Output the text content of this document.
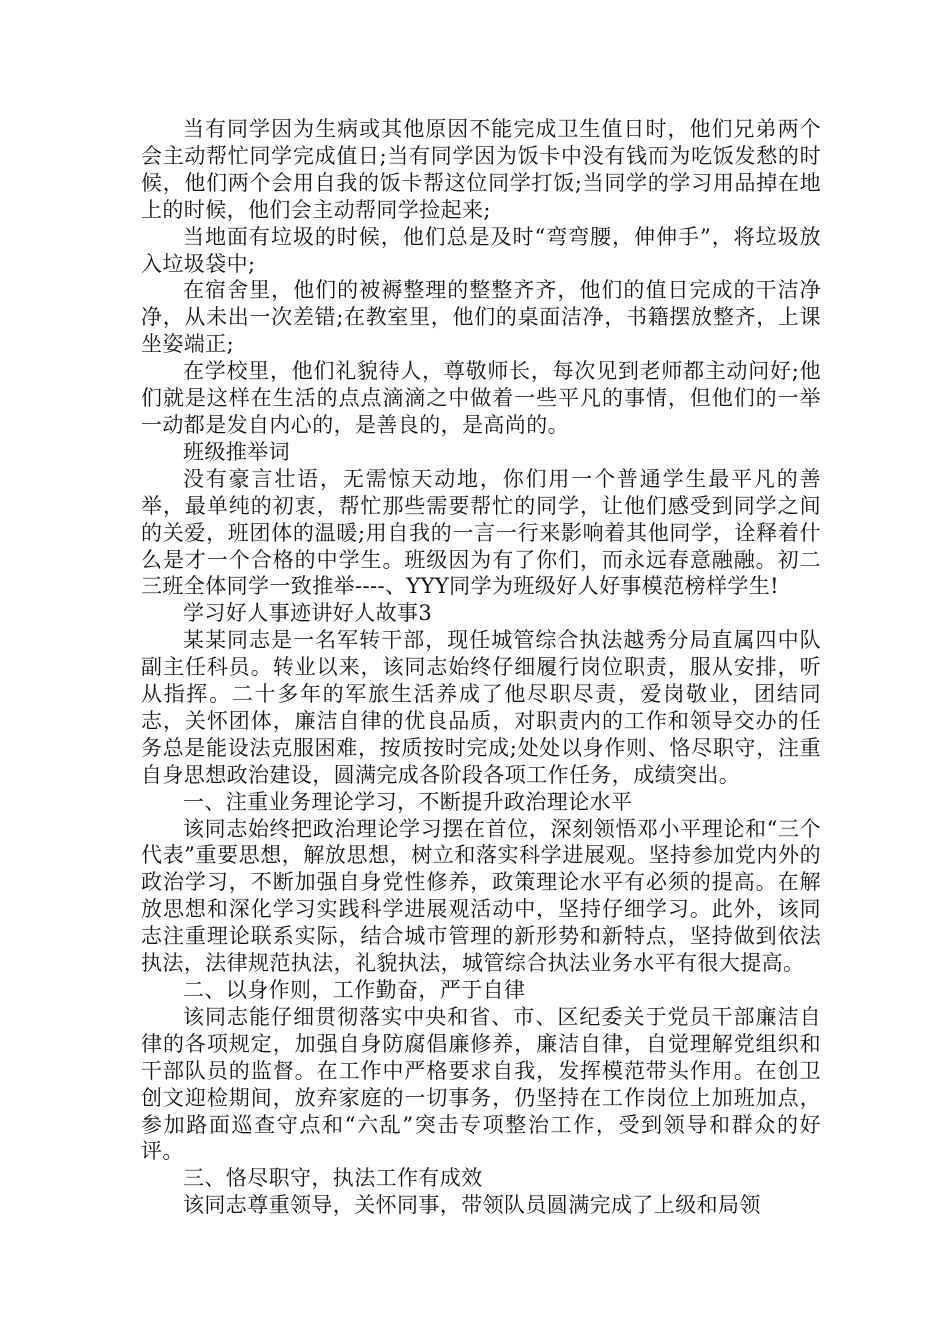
当有同学因为生病或其他原因不能完成卫生值日时，他们兄弟两个会主动帮忙同学完成值日;当有同学因为饭卡中没有钱而为吃饭发愁的时候，他们两个会用自我的饭卡帮这位同学打饭;当同学的学习用品掉在地上的时候，他们会主动帮同学捡起来;

当地面有垃圾的时候，他们总是及时“弯弯腰，伸伸手”，将垃圾放入垃圾袋中;

在宿舍里，他们的被褥整理的整整齐齐，他们的值日完成的干洁净净，从未出一次差错;在教室里，他们的桌面洁净，书籍摆放整齐，上课坐姿端正;

在学校里，他们礼貌待人，尊敬师长，每次见到老师都主动问好;他们就是这样在生活的点点滴滴之中做着一些平凡的事情，但他们的一举一动都是发自内心的，是善良的，是高尚的。

班级推举词

没有豪言壮语，无需惊天动地，你们用一个普通学生最平凡的善举，最单纯的初衷，帮忙那些需要帮忙的同学，让他们感受到同学之间的关爱，班团体的温暖;用自我的一言一行来影响着其他同学，诠释着什么是才一个合格的中学生。班级因为有了你们，而永远春意融融。初二三班全体同学一致推举----、YYY同学为班级好人好事模范榜样学生!

学习好人事迹讲好人故事3

某某同志是一名军转干部，现任城管综合执法越秀分局直属四中队副主任科员。转业以来，该同志始终仔细履行岗位职责，服从安排，听从指挥。二十多年的军旅生活养成了他尽职尽责，爱岗敬业，团结同志，关怀团体，廉洁自律的优良品质，对职责内的工作和领导交办的任务总是能设法克服困难，按质按时完成;处处以身作则、恪尽职守，注重自身思想政治建设，圆满完成各阶段各项工作任务，成绩突出。

一、注重业务理论学习，不断提升政治理论水平

该同志始终把政治理论学习摆在首位，深刻领悟邓小平理论和“三个代表”重要思想，解放思想，树立和落实科学进展观。坚持参加党内外的政治学习，不断加强自身党性修养，政策理论水平有必须的提高。在解放思想和深化学习实践科学进展观活动中，坚持仔细学习。此外，该同志注重理论联系实际，结合城市管理的新形势和新特点，坚持做到依法执法，法律规范执法，礼貌执法，城管综合执法业务水平有很大提高。

二、以身作则，工作勤奋，严于自律

该同志能仔细贯彻落实中央和省、市、区纪委关于党员干部廉洁自律的各项规定，加强自身防腐倡廉修养，廉洁自律，自觉理解党组织和干部队员的监督。在工作中严格要求自我，发挥模范带头作用。在创卫创文迎检期间，放弃家庭的一切事务，仍坚持在工作岗位上加班加点，参加路面巡查守点和“六乱”突击专项整治工作，受到领导和群众的好评。

三、恪尽职守，执法工作有成效

该同志尊重领导，关怀同事，带领队员圆满完成了上级和局领
